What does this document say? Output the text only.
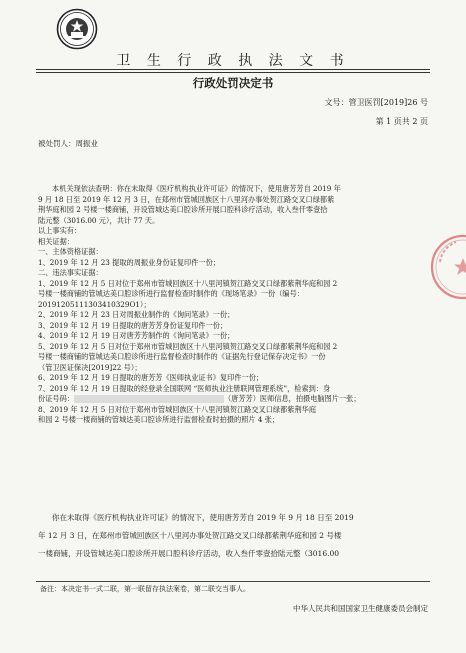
卫 生 行 政 执 法 文 书
行政处罚决定书
文号：管卫医罚[2019]26 号
第 1 页共 2 页
被处罚人：周振业
本机关现依法查明：你在未取得《医疗机构执业许可证》的情况下，使用唐芳芳自 2019 年
9 月 18 日至 2019 年 12 月 3 日，在郑州市管城回族区十八里河办事处贺江路交叉口绿都紫
荆华庭和园 2 号楼一楼商铺，开设管城达美口腔诊所开展口腔科诊疗活动，收入叁仟零壹拾
陆元整（3016.00 元），共计 77 天。
以上事实有：
相关证据：
一、主体资格证据：
1、2019 年 12 月 23 提取的周振业身份证复印件一份；
二、违法事实证据：
1、2019 年 12 月 5 日对位于郑州市管城回族区十八里河镇贺江路交叉口绿都紫荆华庭和园 2
号楼一楼商铺的管城达美口腔诊所进行监督检查时制作的《现场笔录》一份（编号：
20191205111303410329O1）；
2、2019 年 12 月 23 日对周振业制作的《询问笔录》一份；
3、2019 年 12 月 19 日提取的唐芳芳身份证复印件一份；
4、2019 年 12 月 19 日对唐芳芳制作的《询问笔录》一份；
5、2019 年 12 月 5 日对位于郑州市管城回族区十八里河镇贺江路交叉口绿都紫荆华庭和园 2
号楼一楼商铺的管城达美口腔诊所进行监督检查时制作的《证据先行登记保存决定书》一份
（管卫医证保决[2019]22 号）；
6、2019 年 12 月 19 日提取的唐芳芳《医师执业证书》复印件一份；
7、2019 年 12 月 19 日提取的经登录全国联网 “医师执业注册联网管理系统”，检索到：身
份证号码：	（唐芳芳）医师信息，拍摄电脑图片一张；
8、2019 年 12 月 5 日对位于郑州市管城回族区十八里河镇贺江路交叉口绿都紫荆华庭
和园 2 号楼一楼商铺的管城达美口腔诊所进行监督检查时拍摄的照片 4 张；
你在未取得《医疗机构执业许可证》的情况下，使用唐芳芳自 2019 年 9 月 18 日至 2019
年 12 月 3 日，在郑州市管城回族区十八里河办事处贺江路交叉口绿都紫荆华庭和园 2 号楼
一楼商铺，开设管城达美口腔诊所开展口腔科诊疗活动，收入叁仟零壹拾陆元整（3016.00
备注：本决定书一式二联，第一联留存执法案卷，第二联交当事人。
中华人民共和国国家卫生健康委员会制定
